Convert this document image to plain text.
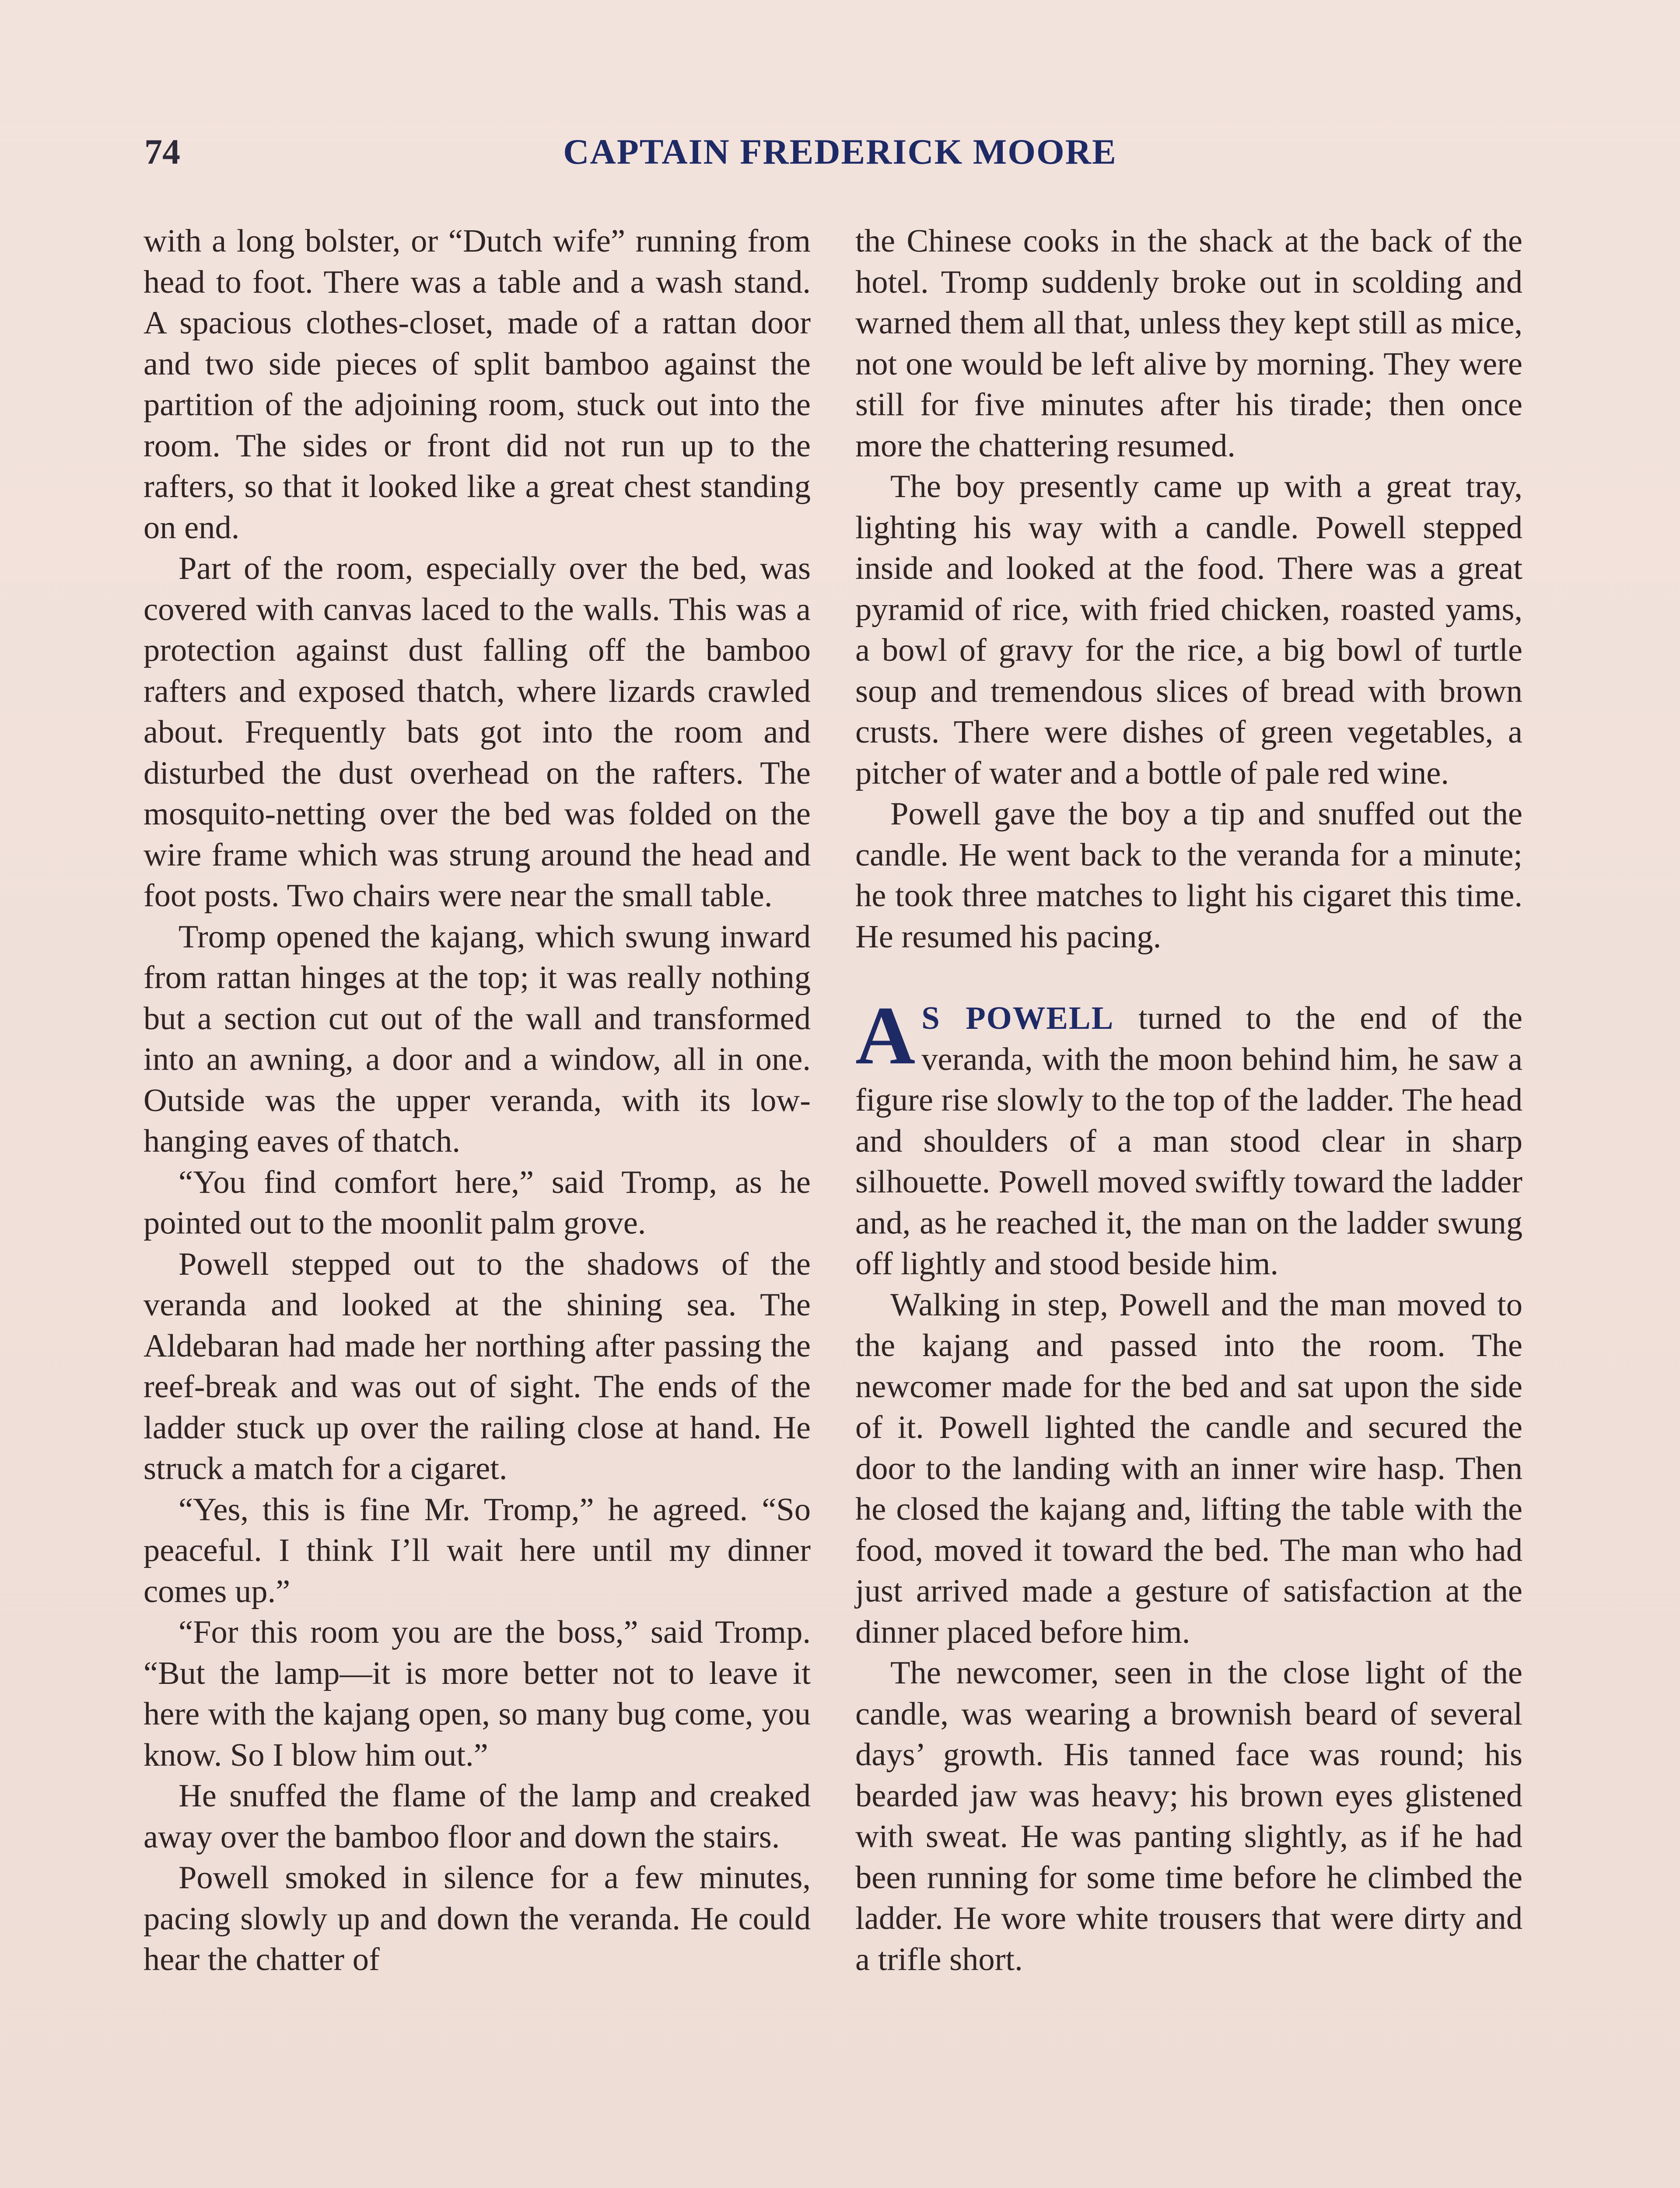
74	CAPTAIN FREDERICK MOORE

with a long bolster, or “Dutch wife” running from head to foot. There was a table and a wash stand. A spacious clothes-closet, made of a rattan door and two side pieces of split bamboo against the partition of the adjoining room, stuck out into the room. The sides or front did not run up to the rafters, so that it looked like a great chest standing on end.

Part of the room, especially over the bed, was covered with canvas laced to the walls. This was a protection against dust falling off the bamboo rafters and exposed thatch, where lizards crawled about. Frequently bats got into the room and disturbed the dust overhead on the rafters. The mosquito-netting over the bed was folded on the wire frame which was strung around the head and foot posts. Two chairs were near the small table.

Tromp opened the kajang, which swung inward from rattan hinges at the top; it was really nothing but a section cut out of the wall and transformed into an awning, a door and a window, all in one. Outside was the upper veranda, with its low-hanging eaves of thatch.

“You find comfort here,” said Tromp, as he pointed out to the moonlit palm grove.

Powell stepped out to the shadows of the veranda and looked at the shining sea. The Aldebaran had made her northing after passing the reef-break and was out of sight. The ends of the ladder stuck up over the railing close at hand. He struck a match for a cigaret.

“Yes, this is fine Mr. Tromp,” he agreed. “So peaceful. I think I’ll wait here until my dinner comes up.”

“For this room you are the boss,” said Tromp. “But the lamp—it is more better not to leave it here with the kajang open, so many bug come, you know. So I blow him out.”

He snuffed the flame of the lamp and creaked away over the bamboo floor and down the stairs.

Powell smoked in silence for a few minutes, pacing slowly up and down the veranda. He could hear the chatter of

the Chinese cooks in the shack at the back of the hotel. Tromp suddenly broke out in scolding and warned them all that, unless they kept still as mice, not one would be left alive by morning. They were still for five minutes after his tirade; then once more the chattering resumed.

The boy presently came up with a great tray, lighting his way with a candle. Powell stepped inside and looked at the food. There was a great pyramid of rice, with fried chicken, roasted yams, a bowl of gravy for the rice, a big bowl of turtle soup and tremendous slices of bread with brown crusts. There were dishes of green vegetables, a pitcher of water and a bottle of pale red wine.

Powell gave the boy a tip and snuffed out the candle. He went back to the veranda for a minute; he took three matches to light his cigaret this time. He resumed his pacing.

A S POWELL turned to the end of the veranda, with the moon behind him, he saw a figure rise slowly to the top of the ladder. The head and shoulders of a man stood clear in sharp silhouette. Powell moved swiftly toward the ladder and, as he reached it, the man on the ladder swung off lightly and stood beside him.

Walking in step, Powell and the man moved to the kajang and passed into the room. The newcomer made for the bed and sat upon the side of it. Powell lighted the candle and secured the door to the landing with an inner wire hasp. Then he closed the kajang and, lifting the table with the food, moved it toward the bed. The man who had just arrived made a gesture of satisfaction at the dinner placed before him.

The newcomer, seen in the close light of the candle, was wearing a brownish beard of several days’ growth. His tanned face was round; his bearded jaw was heavy; his brown eyes glistened with sweat. He was panting slightly, as if he had been running for some time before he climbed the ladder. He wore white trousers that were dirty and a trifle short.
